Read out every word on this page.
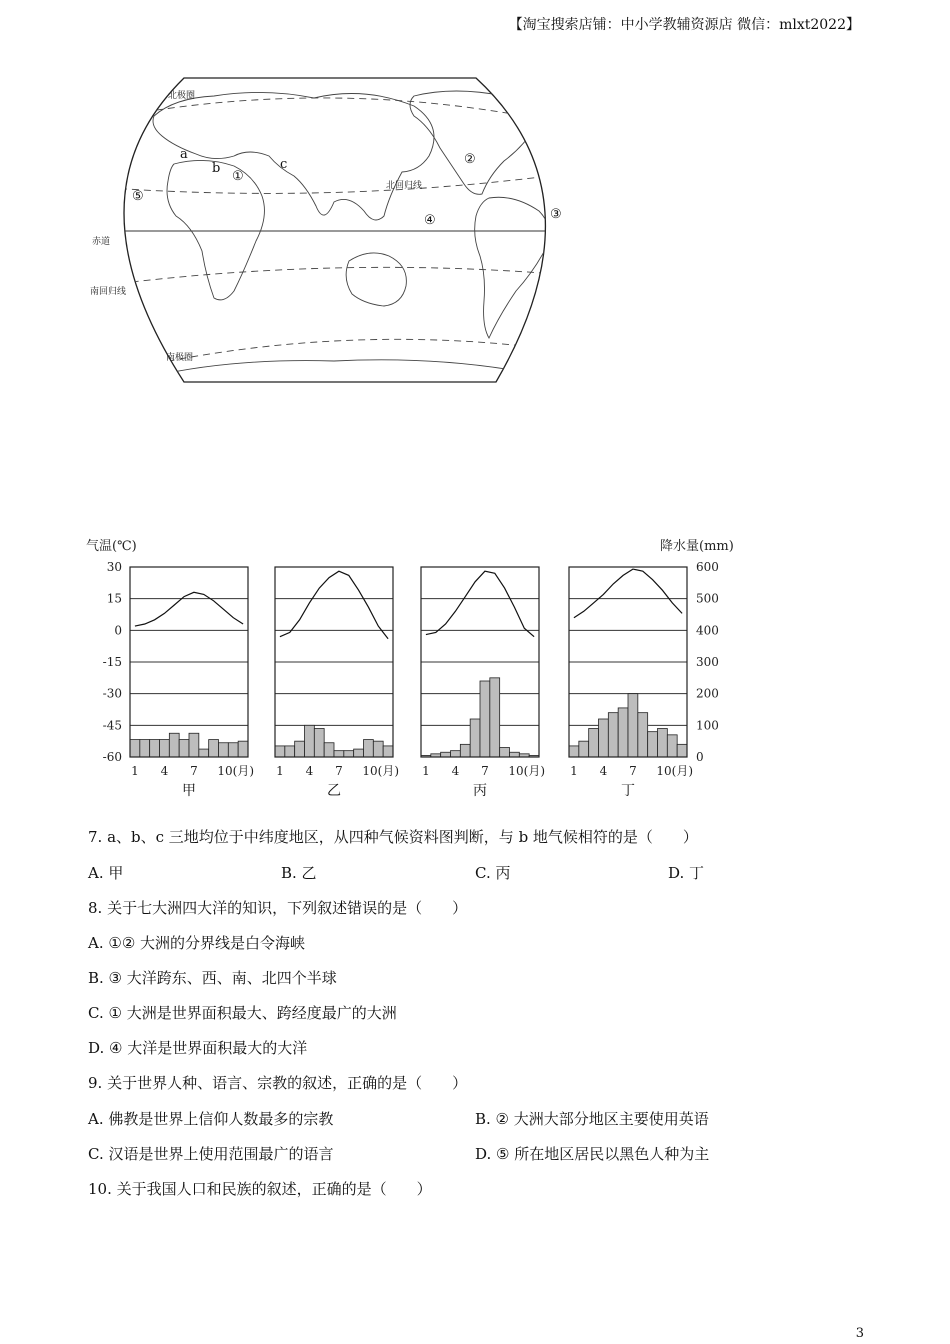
【淘宝搜索店铺：中小学教辅资源店 微信：mlxt2022】
北极圈
北回归线
赤道
南回归线
南极圈
a
b	c
①
②
③
④
⑤
气温(℃)	降水量(mm)
30
15
0
-15
-30
-45
-60
600
500
400
300
200
100
0
1 4 7 10(月)
甲
1 4 7 10(月)
乙
1 4 7 10(月)
丙
1 4 7 10(月)
丁
7. a、b、c 三地均位于中纬度地区，从四种气候资料图判断，与 b 地气候相符的是（　　）
A. 甲	B. 乙	C. 丙	D. 丁
8. 关于七大洲四大洋的知识，下列叙述错误的是（　　）
A. ①② 大洲的分界线是白令海峡
B. ③ 大洋跨东、西、南、北四个半球
C. ① 大洲是世界面积最大、跨经度最广的大洲
D. ④ 大洋是世界面积最大的大洋
9. 关于世界人种、语言、宗教的叙述，正确的是（　　）
A. 佛教是世界上信仰人数最多的宗教	B. ② 大洲大部分地区主要使用英语
C. 汉语是世界上使用范围最广的语言	D. ⑤ 所在地区居民以黑色人种为主
10. 关于我国人口和民族的叙述，正确的是（　　）
3
